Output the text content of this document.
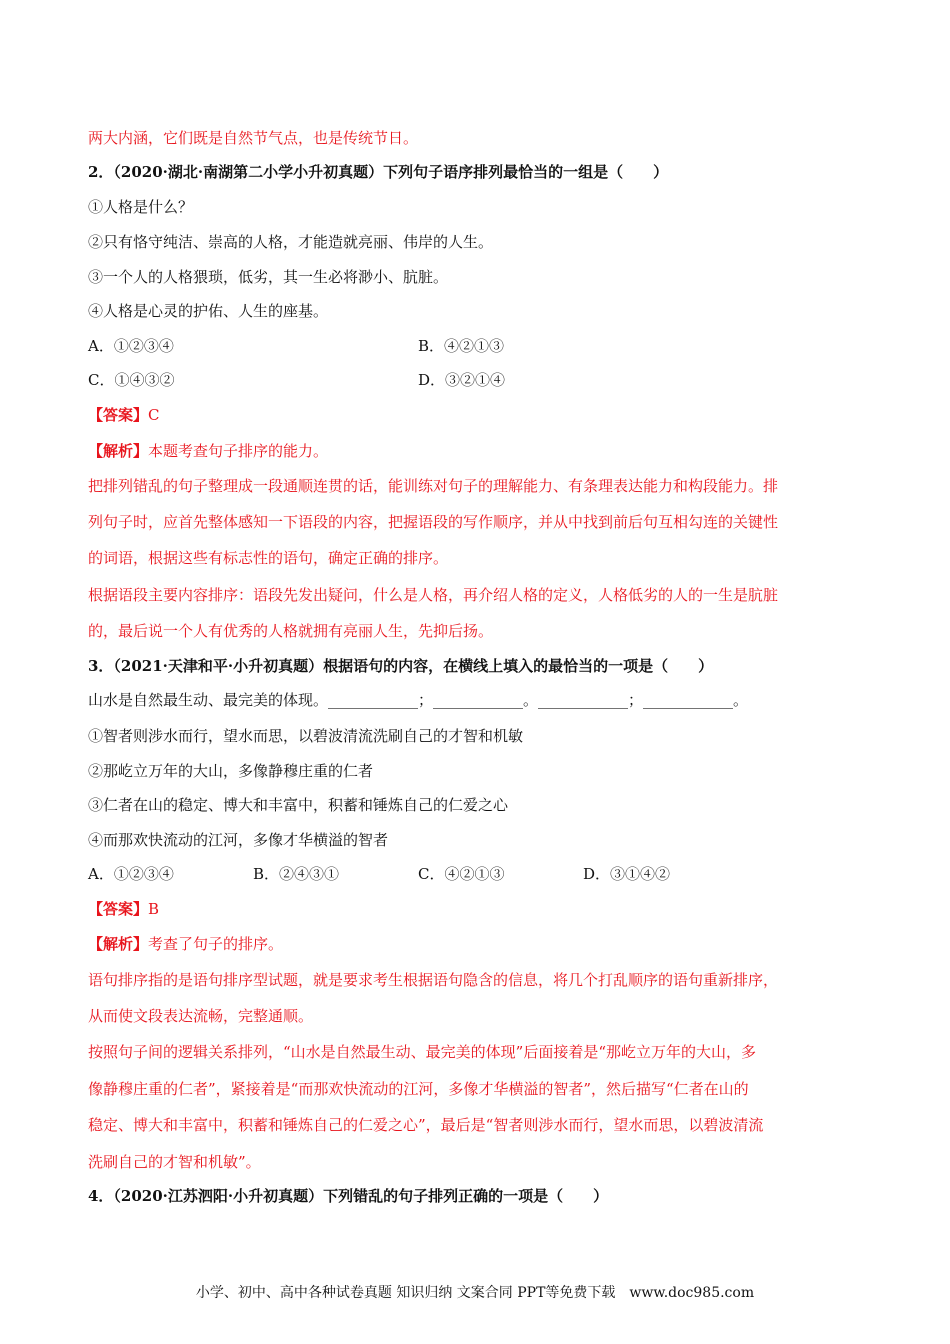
两大内涵，它们既是自然节气点，也是传统节日。
2．（2020·湖北·南湖第二小学小升初真题）下列句子语序排列最恰当的一组是（　　）
①人格是什么？
②只有恪守纯洁、崇高的人格，才能造就亮丽、伟岸的人生。
③一个人的人格猥琐，低劣，其一生必将渺小、肮脏。
④人格是心灵的护佑、人生的座基。
A．①②③④	B．④②①③
C．①④③②	D．③②①④
【答案】C
【解析】本题考查句子排序的能力。
把排列错乱的句子整理成一段通顺连贯的话，能训练对句子的理解能力、有条理表达能力和构段能力。排
列句子时，应首先整体感知一下语段的内容，把握语段的写作顺序，并从中找到前后句互相勾连的关键性
的词语，根据这些有标志性的语句，确定正确的排序。
根据语段主要内容排序：语段先发出疑问，什么是人格，再介绍人格的定义，人格低劣的人的一生是肮脏
的，最后说一个人有优秀的人格就拥有亮丽人生，先抑后扬。
3．（2021·天津和平·小升初真题）根据语句的内容，在横线上填入的最恰当的一项是（　　）
山水是自然最生动、最完美的体现。____________；____________。____________；____________。
①智者则涉水而行，望水而思，以碧波清流洗刷自己的才智和机敏
②那屹立万年的大山，多像静穆庄重的仁者
③仁者在山的稳定、博大和丰富中，积蓄和锤炼自己的仁爱之心
④而那欢快流动的江河，多像才华横溢的智者
A．①②③④	B．②④③①	C．④②①③	D．③①④②
【答案】B
【解析】考查了句子的排序。
语句排序指的是语句排序型试题，就是要求考生根据语句隐含的信息，将几个打乱顺序的语句重新排序，
从而使文段表达流畅，完整通顺。
按照句子间的逻辑关系排列，“山水是自然最生动、最完美的体现”后面接着是“那屹立万年的大山，多
像静穆庄重的仁者”，紧接着是“而那欢快流动的江河，多像才华横溢的智者”，然后描写“仁者在山的
稳定、博大和丰富中，积蓄和锤炼自己的仁爱之心”，最后是“智者则涉水而行，望水而思，以碧波清流
洗刷自己的才智和机敏”。
4．（2020·江苏泗阳·小升初真题）下列错乱的句子排列正确的一项是（　　）
小学、初中、高中各种试卷真题 知识归纳 文案合同 PPT等免费下载　www.doc985.com
